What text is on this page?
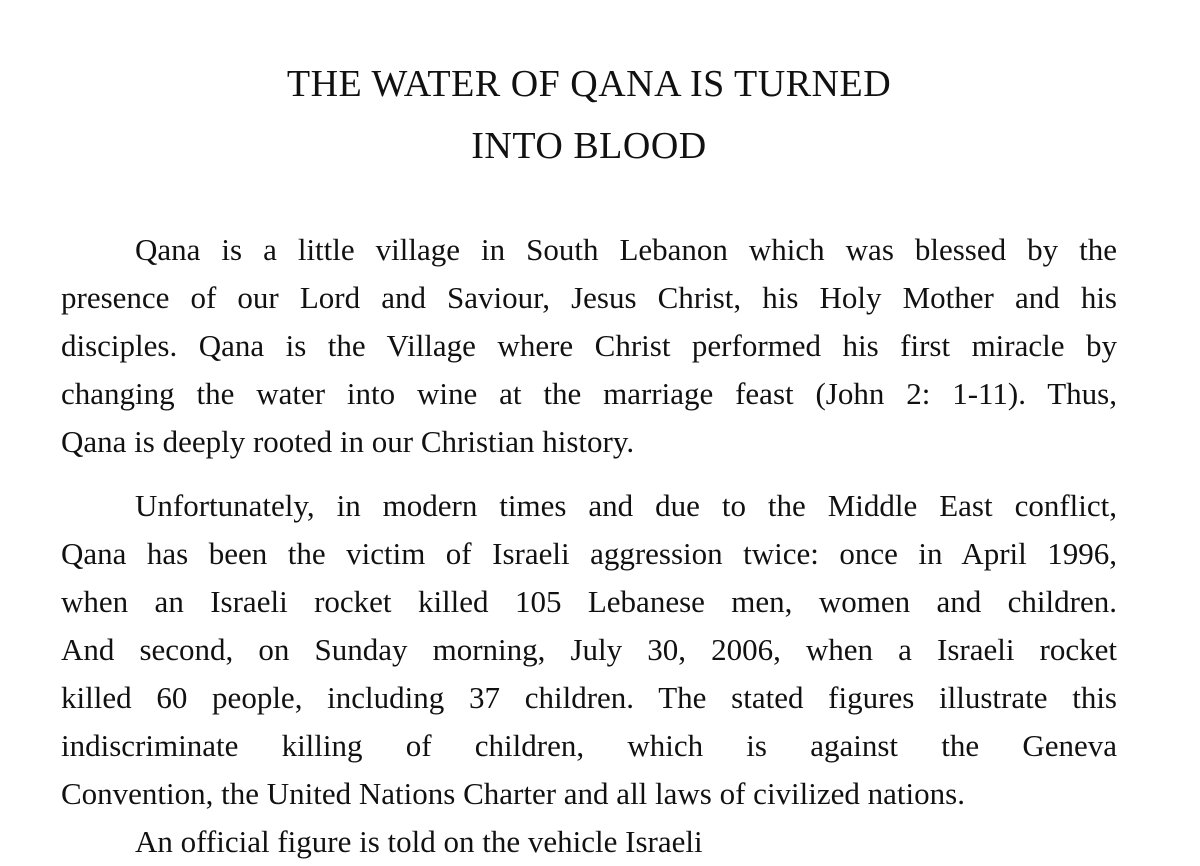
THE WATER OF QANA IS TURNED
INTO BLOOD

Qana is a little village in South Lebanon which was blessed by the
presence of our Lord and Saviour, Jesus Christ, his Holy Mother and his
disciples. Qana is the Village where Christ performed his first miracle by
changing the water into wine at the marriage feast (John 2: 1-11). Thus,
Qana is deeply rooted in our Christian history.

Unfortunately, in modern times and due to the Middle East conflict,
Qana has been the victim of Israeli aggression twice: once in April 1996,
when an Israeli rocket killed 105 Lebanese men, women and children.
And second, on Sunday morning, July 30, 2006, when a Israeli rocket
killed 60 people, including 37 children. The stated figures illustrate this
indiscriminate killing of children, which is against the Geneva
Convention, the United Nations Charter and all laws of civilized nations.

An official figure is told on the vehicle Israeli
